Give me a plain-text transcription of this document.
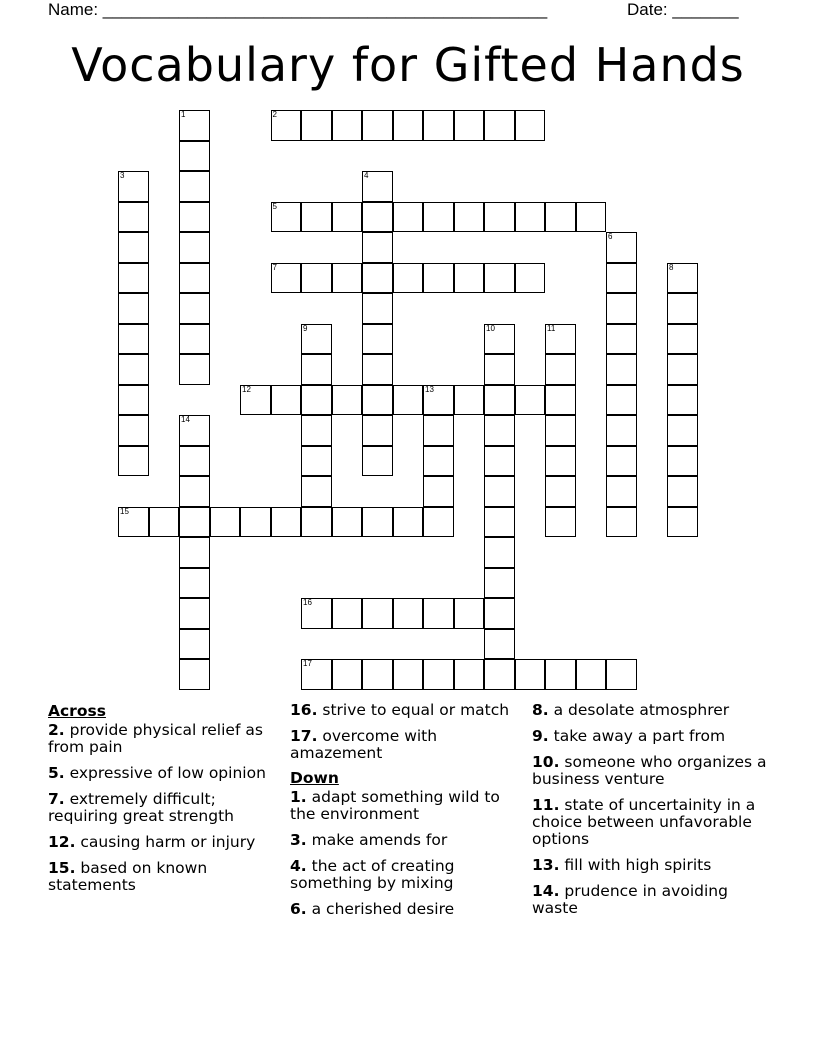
Name: _______________________________________________	Date: _______
Vocabulary for Gifted Hands
1	2
3	4
5
6
7	8
9	10	11
12	13
14
15
16
17
Across
2. provide physical relief as from pain
5. expressive of low opinion
7. extremely difficult; requiring great strength
12. causing harm or injury
15. based on known statements
16. strive to equal or match
17. overcome with amazement
Down
1. adapt something wild to the environment
3. make amends for
4. the act of creating something by mixing
6. a cherished desire
8. a desolate atmosphrer
9. take away a part from
10. someone who organizes a business venture
11. state of uncertainity in a choice between unfavorable options
13. fill with high spirits
14. prudence in avoiding waste
